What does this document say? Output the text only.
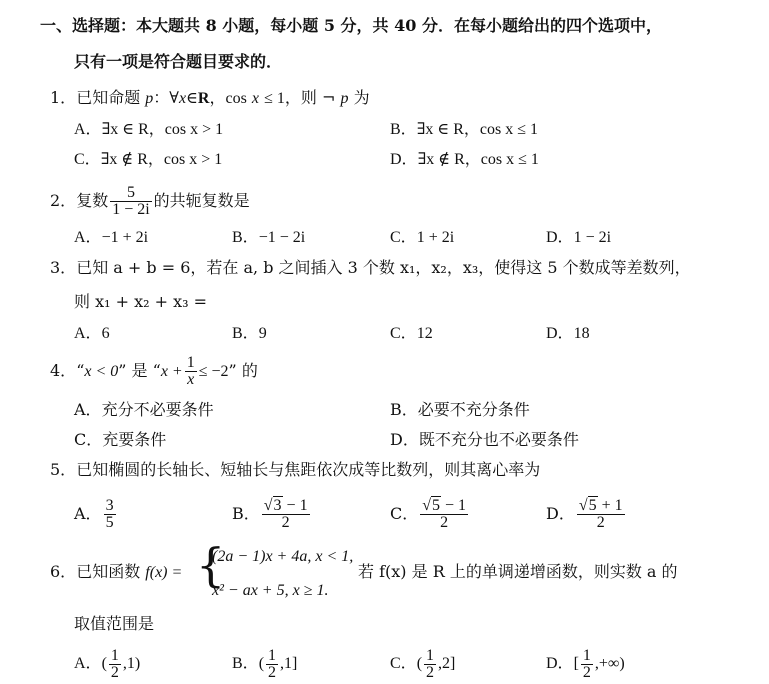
一、选择题：本大题共 8 小题，每小题 5 分，共 40 分．在每小题给出的四个选项中，
只有一项是符合题目要求的．
1．已知命题 p：∀x∈R，cos x ≤ 1，则 ¬ p 为
A．∃x ∈ R，cos x > 1	B．∃x ∈ R，cos x ≤ 1
C．∃x ∉ R，cos x > 1	D．∃x ∉ R，cos x ≤ 1
2．复数 $\frac{5}{1 - 2i}$ 的共轭复数是
A．−1 + 2i	B．−1 − 2i	C．1 + 2i	D．1 − 2i
3．已知 a + b = 6，若在 a, b 之间插入 3 个数 x₁，x₂，x₃，使得这 5 个数成等差数列，
则 x₁ + x₂ + x₃ =
A．6	B．9	C．12	D．18
4．“x < 0” 是 “$x + \frac{1}{x} \le -2$” 的
A．充分不必要条件	B．必要不充分条件
C．充要条件	D．既不充分也不必要条件
5．已知椭圆的长轴长、短轴长与焦距依次成等比数列，则其离心率为
A． $\frac{3}{5}$	B． $\frac{√3 - 1}{2}$	C． $\frac{√5 - 1}{2}$	D． $\frac{√5 + 1}{2}$
6．已知函数 f(x) = {
(2a − 1)x + 4a, x < 1,
x² − ax + 5, x ≥ 1.
若 f(x) 是 R 上的单调递增函数，则实数 a 的
取值范围是
A．( $\frac{1}{2} ,1$)	B．( $\frac{1}{2} ,1$]	C．( $\frac{1}{2} ,2$]	D．[ $\frac{1}{2}$ ,+∞)
